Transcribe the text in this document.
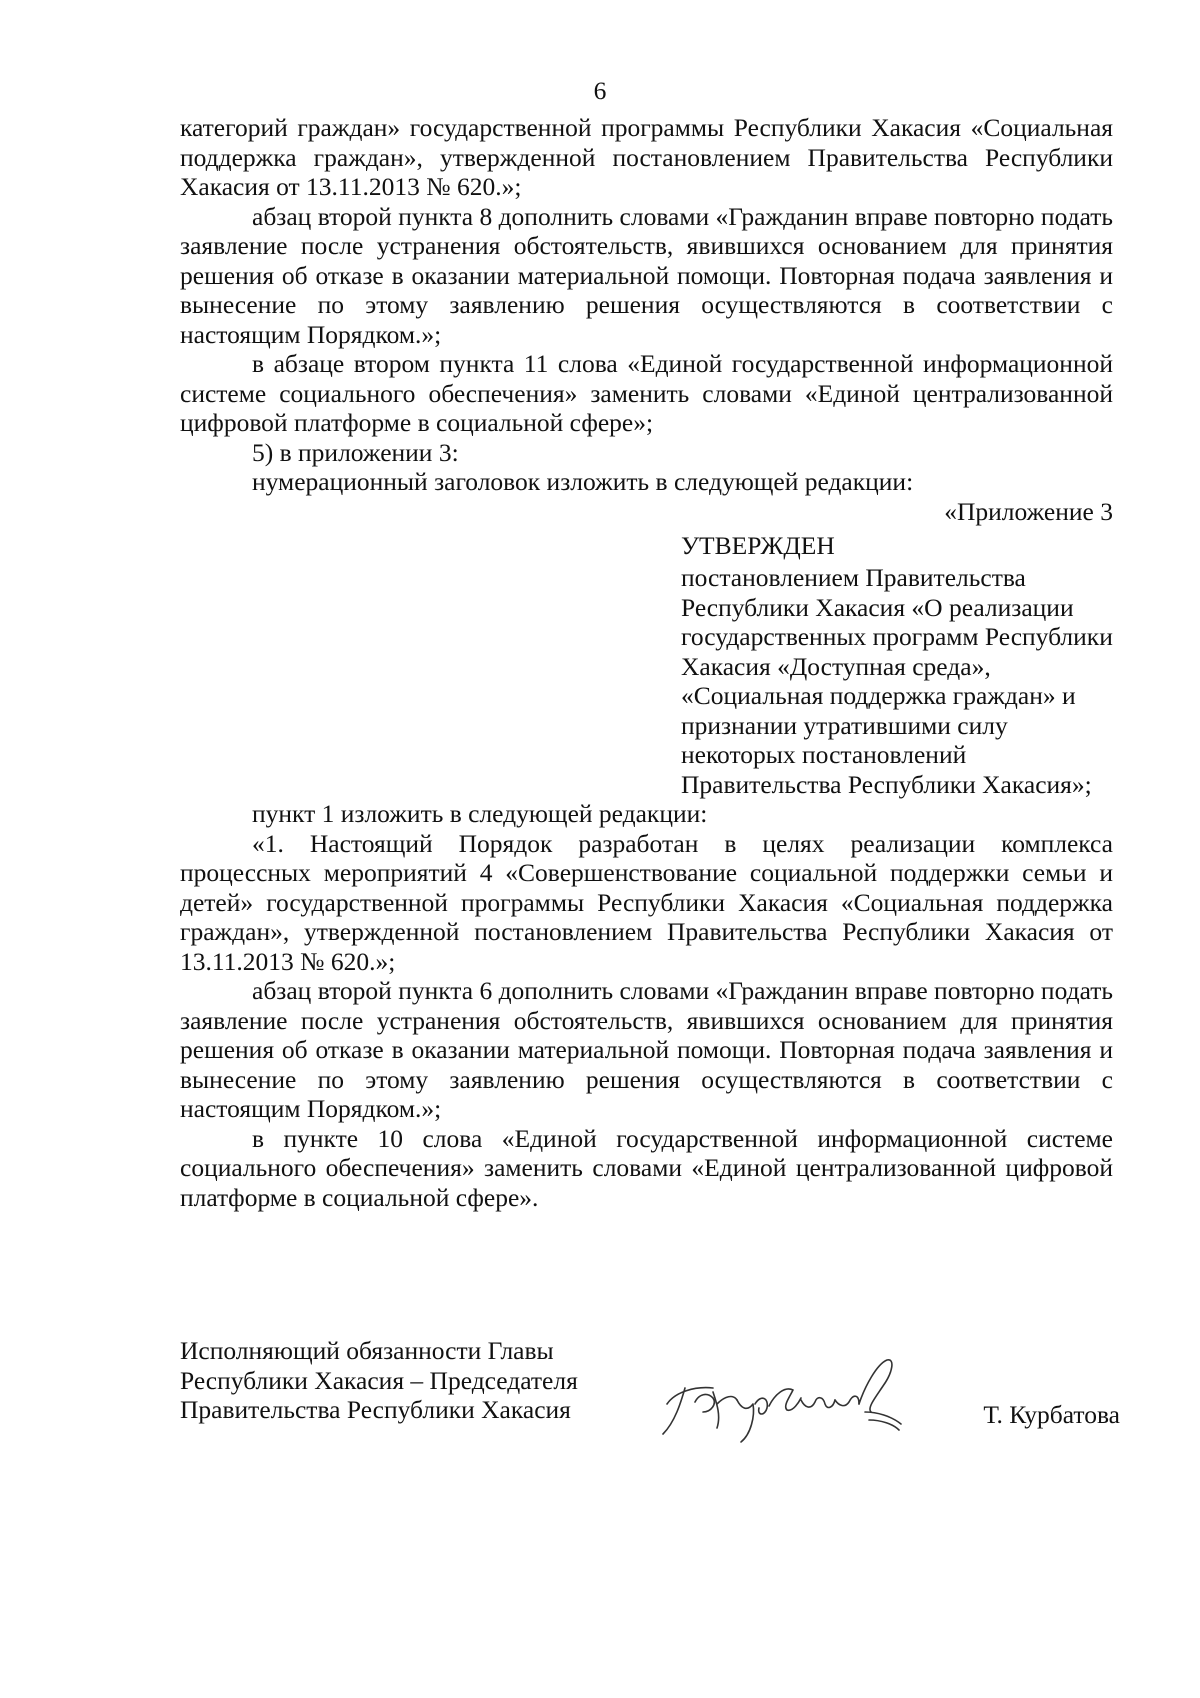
6

категорий граждан» государственной программы Республики Хакасия «Социальная поддержка граждан», утвержденной постановлением Правительства Республики Хакасия от 13.11.2013 № 620.»;

абзац второй пункта 8 дополнить словами «Гражданин вправе повторно подать заявление после устранения обстоятельств, явившихся основанием для принятия решения об отказе в оказании материальной помощи. Повторная подача заявления и вынесение по этому заявлению решения осуществляются в соответствии с настоящим Порядком.»;

в абзаце втором пункта 11 слова «Единой государственной информационной системе социального обеспечения» заменить словами «Единой централизованной цифровой платформе в социальной сфере»;

5) в приложении 3:

нумерационный заголовок изложить в следующей редакции:

«Приложение 3

УТВЕРЖДЕН

постановлением Правительства Республики Хакасия «О реализации государственных программ Республики Хакасия «Доступная среда», «Социальная поддержка граждан» и признании утратившими силу некоторых постановлений Правительства Республики Хакасия»;

пункт 1 изложить в следующей редакции:

«1. Настоящий Порядок разработан в целях реализации комплекса процессных мероприятий 4 «Совершенствование социальной поддержки семьи и детей» государственной программы Республики Хакасия «Социальная поддержка граждан», утвержденной постановлением Правительства Республики Хакасия от 13.11.2013 № 620.»;

абзац второй пункта 6 дополнить словами «Гражданин вправе повторно подать заявление после устранения обстоятельств, явившихся основанием для принятия решения об отказе в оказании материальной помощи. Повторная подача заявления и вынесение по этому заявлению решения осуществляются в соответствии с настоящим Порядком.»;

в пункте 10 слова «Единой государственной информационной системе социального обеспечения» заменить словами «Единой централизованной цифровой платформе в социальной сфере».

Исполняющий обязанности Главы
Республики Хакасия – Председателя
Правительства Республики Хакасия	Т. Курбатова
